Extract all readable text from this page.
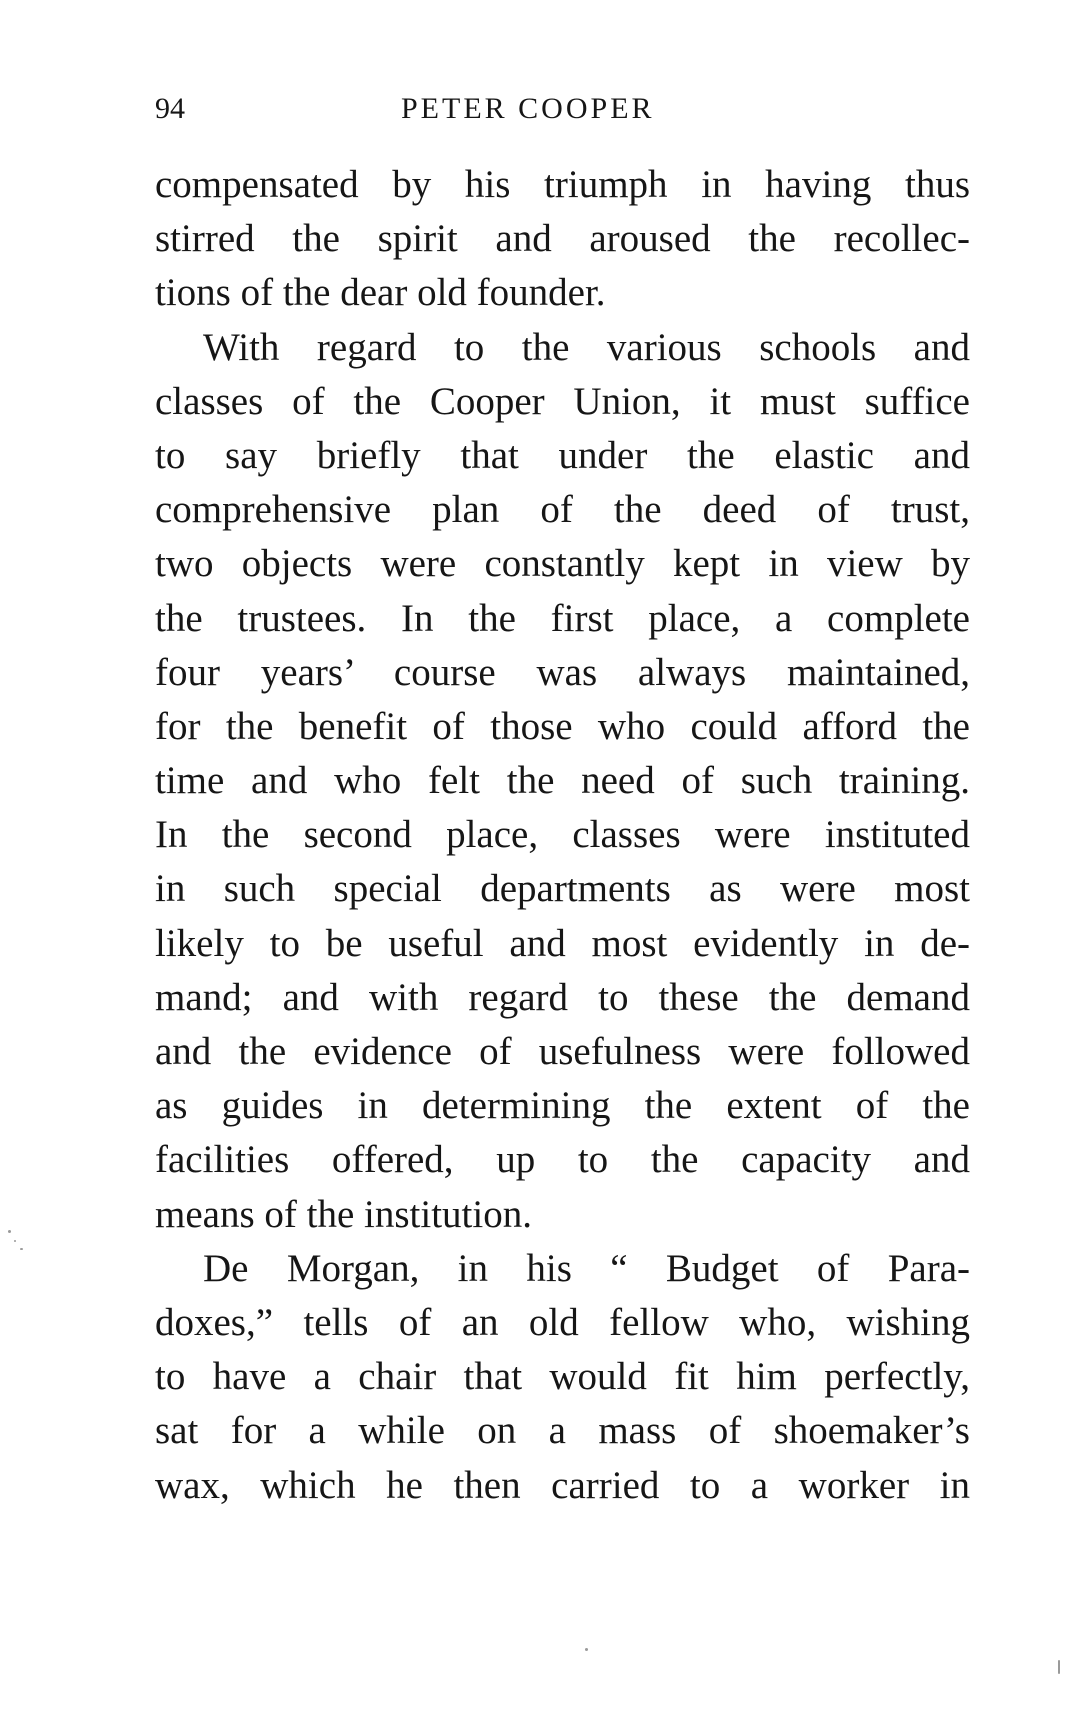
94	PETER COOPER
compensated by his triumph in having thus
stirred the spirit and aroused the recollec-
tions of the dear old founder.
With regard to the various schools and
classes of the Cooper Union, it must suffice
to say briefly that under the elastic and
comprehensive plan of the deed of trust,
two objects were constantly kept in view by
the trustees. In the first place, a complete
four years’ course was always maintained,
for the benefit of those who could afford the
time and who felt the need of such training.
In the second place, classes were instituted
in such special departments as were most
likely to be useful and most evidently in de-
mand; and with regard to these the demand
and the evidence of usefulness were followed
as guides in determining the extent of the
facilities offered, up to the capacity and
means of the institution.
De Morgan, in his “ Budget of Para-
doxes,” tells of an old fellow who, wishing
to have a chair that would fit him perfectly,
sat for a while on a mass of shoemaker’s
wax, which he then carried to a worker in
